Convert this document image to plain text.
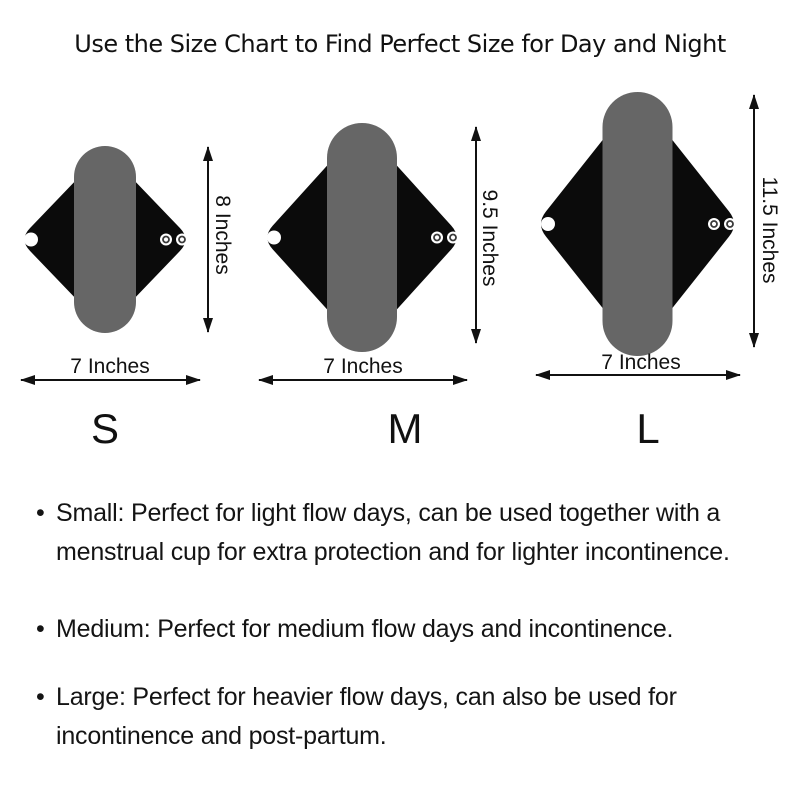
Use the Size Chart to Find Perfect Size for Day and Night
8 Inches
7 Inches
S
9.5 Inches
7 Inches
M
11.5 Inches
7 Inches
L
• Small: Perfect for light flow days, can be used together with a
menstrual cup for extra protection and for lighter incontinence.
• Medium: Perfect for medium flow days and incontinence.
• Large: Perfect for heavier flow days, can also be used for
incontinence and post-partum.
